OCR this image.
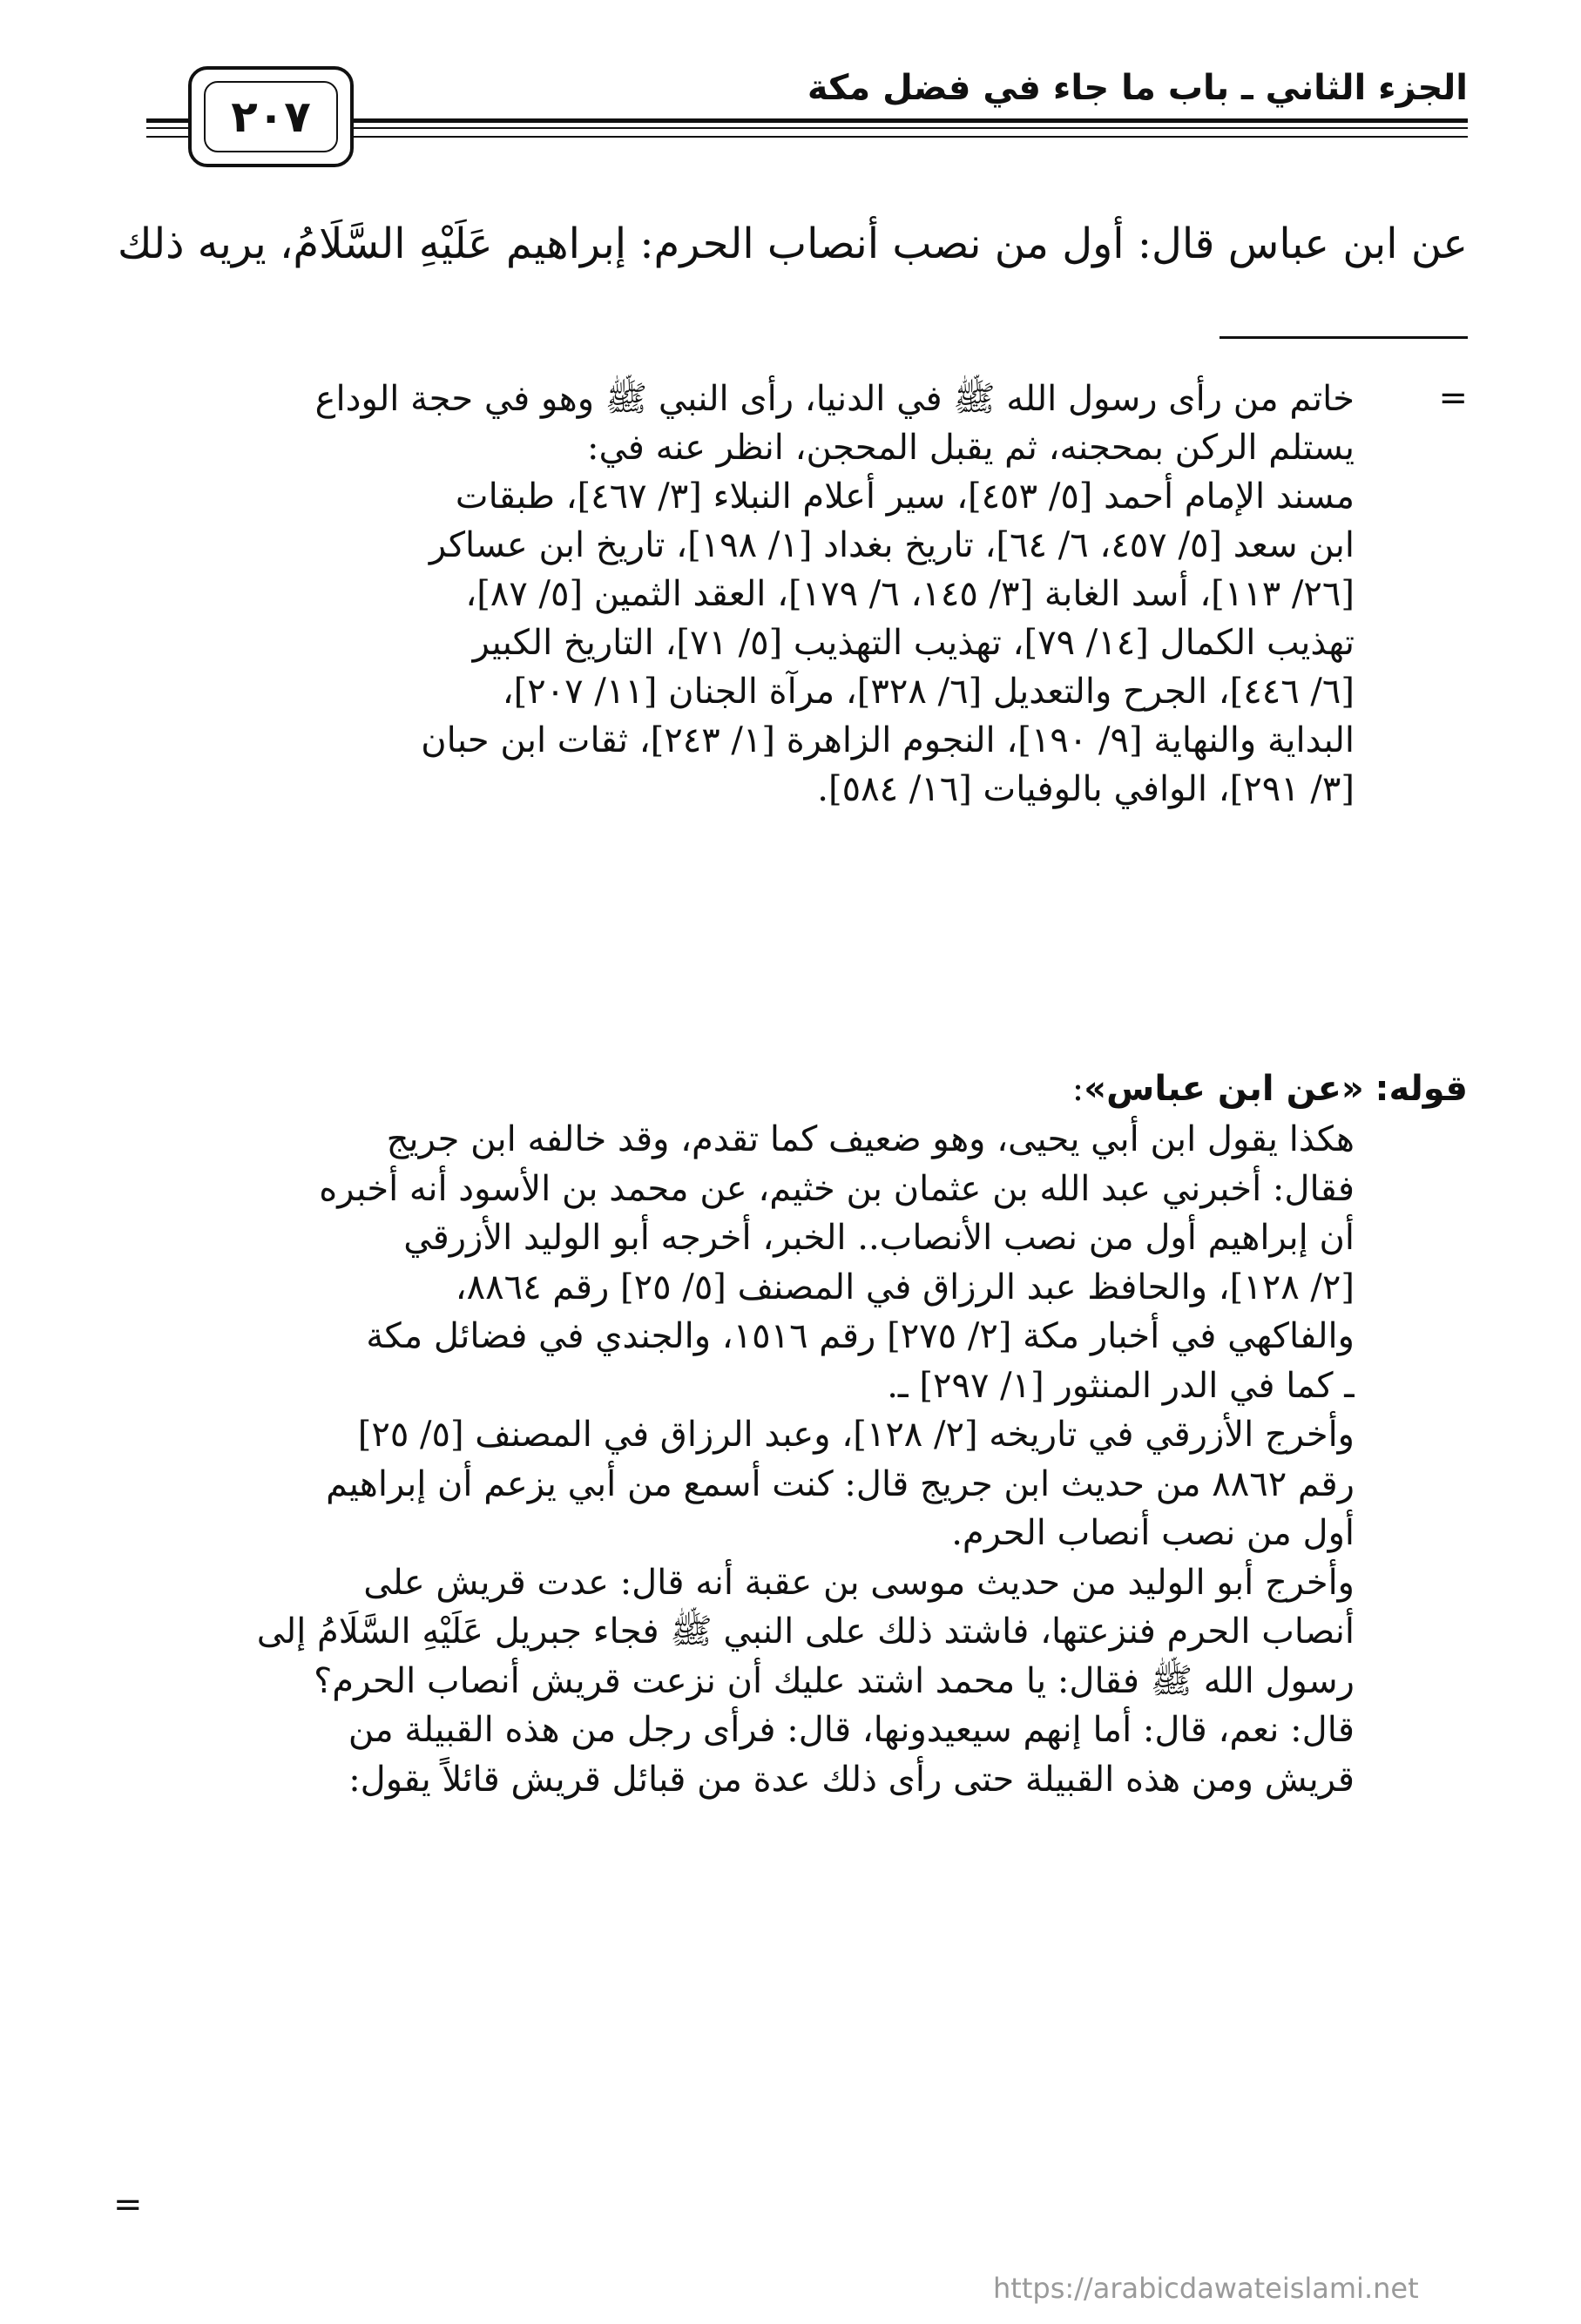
الجزء الثاني ـ باب ما جاء في فضل مكة
٢٠٧
عن ابن عباس قال: أول من نصب أنصاب الحرم: إبراهيم عَلَيْهِ السَّلَامُ، يريه ذلك
=
خاتم من رأى رسول الله ﷺ في الدنيا، رأى النبي ﷺ وهو في حجة الوداع
يستلم الركن بمحجنه، ثم يقبل المحجن، انظر عنه في:
مسند الإمام أحمد [٥/ ٤٥٣]، سير أعلام النبلاء [٣/ ٤٦٧]، طبقات
ابن سعد [٥/ ٤٥٧، ٦/ ٦٤]، تاريخ بغداد [١/ ١٩٨]، تاريخ ابن عساكر
[٢٦/ ١١٣]، أسد الغابة [٣/ ١٤٥، ٦/ ١٧٩]، العقد الثمين [٥/ ٨٧]،
تهذيب الكمال [١٤/ ٧٩]، تهذيب التهذيب [٥/ ٧١]، التاريخ الكبير
[٦/ ٤٤٦]، الجرح والتعديل [٦/ ٣٢٨]، مرآة الجنان [١١/ ٢٠٧]،
البداية والنهاية [٩/ ١٩٠]، النجوم الزاهرة [١/ ٢٤٣]، ثقات ابن حبان
[٣/ ٢٩١]، الوافي بالوفيات [١٦/ ٥٨٤].
قوله: «عن ابن عباس»:
هكذا يقول ابن أبي يحيى، وهو ضعيف كما تقدم، وقد خالفه ابن جريج
فقال: أخبرني عبد الله بن عثمان بن خثيم، عن محمد بن الأسود أنه أخبره
أن إبراهيم أول من نصب الأنصاب.. الخبر، أخرجه أبو الوليد الأزرقي
[٢/ ١٢٨]، والحافظ عبد الرزاق في المصنف [٥/ ٢٥] رقم ٨٨٦٤،
والفاكهي في أخبار مكة [٢/ ٢٧٥] رقم ١٥١٦، والجندي في فضائل مكة
ـ كما في الدر المنثور [١/ ٢٩٧] ـ.
وأخرج الأزرقي في تاريخه [٢/ ١٢٨]، وعبد الرزاق في المصنف [٥/ ٢٥]
رقم ٨٨٦٢ من حديث ابن جريج قال: كنت أسمع من أبي يزعم أن إبراهيم
أول من نصب أنصاب الحرم.
وأخرج أبو الوليد من حديث موسى بن عقبة أنه قال: عدت قريش على
أنصاب الحرم فنزعتها، فاشتد ذلك على النبي ﷺ فجاء جبريل عَلَيْهِ السَّلَامُ إلى
رسول الله ﷺ فقال: يا محمد اشتد عليك أن نزعت قريش أنصاب الحرم؟
قال: نعم، قال: أما إنهم سيعيدونها، قال: فرأى رجل من هذه القبيلة من
قريش ومن هذه القبيلة حتى رأى ذلك عدة من قبائل قريش قائلاً يقول:
=
https://arabicdawateislami.net
